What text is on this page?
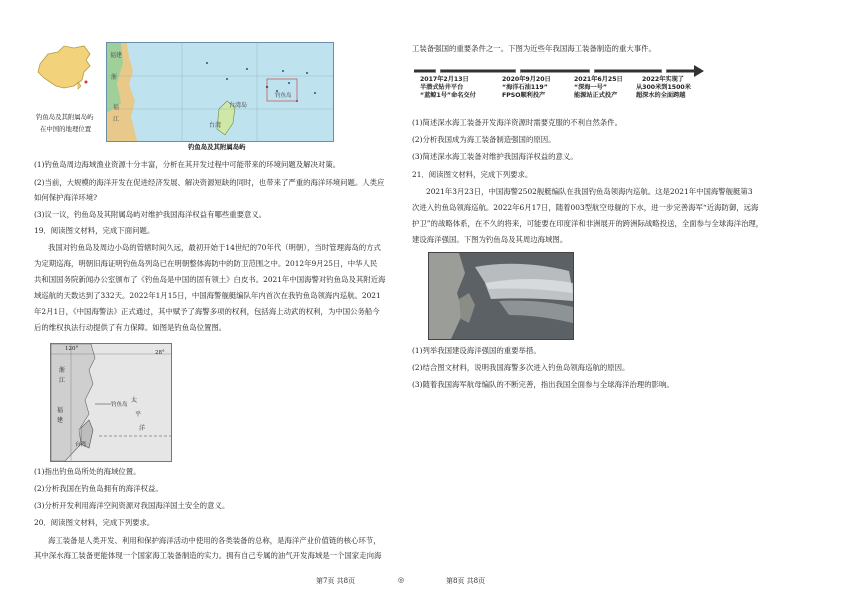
钓鱼岛及其附属岛屿
在中国的地理位置
福建
浙
福
江
台湾岛
台湾
钓鱼岛
钓鱼岛及其附属岛屿
(1)钓鱼岛周边海域渔业资源十分丰富，分析在其开发过程中可能带来的环境问题及解决对策。
(2)当前，大规模的海洋开发在促进经济发展、解决资源短缺的同时，也带来了严重的海洋环境问题。人类应
如何保护海洋环境?
(3)议一议，钓鱼岛及其附属岛屿对维护我国海洋权益有哪些重要意义。
19．阅读图文材料，完成下面问题。
我国对钓鱼岛及周边小岛的管辖时间久远，最初开始于14世纪的70年代（明朝），当时管理海岛的方式
为定期巡海，明朝旧海证明钓鱼岛列岛已在明朝整体海防中的防卫范围之中。2012年9月25日，中华人民
共和国国务院新闻办公室颁布了《钓鱼岛是中国的固有领土》白皮书。2021年中国海警对钓鱼岛及其附近海
域巡航的天数达到了332天。2022年1月15日，中国海警舰艇编队年内首次在我钓鱼岛领海内巡航。2021
年2月1日，《中国海警法》正式通过，其中赋予了海警多项的权利，包括海上动武的权利，为中国公务船今
后的维权执法行动提供了有力保障。如图是钓鱼岛位置图。
120°
28°
浙
江
福
建
钓鱼岛
台湾
太
平
洋
(1)指出钓鱼岛所处的海域位置。
(2)分析我国在钓鱼岛拥有的海洋权益。
(3)分析开发利用海洋空间资源对我国海洋国土安全的意义。
20．阅读图文材料，完成下列要求。
海工装备是人类开发、利用和保护海洋活动中使用的各类装备的总称，是海洋产业价值链的核心环节，
其中深水海工装备更能体现一个国家海工装备制造的实力。拥有自己专属的油气开发海域是一个国家走向海
工装备强国的重要条件之一。下图为近些年我国海工装备制造的重大事件。
2017年2月13日
半潜式钻井平台
“蓝鲸1号”命名交付
2020年9月20日
“海洋石油119”
FPSO顺利投产
2021年6月25日
“深海一号”
能源站正式投产
2022年实现了
从300米到1500米
超深水的全面跨越
(1)简述深水海工装备开发海洋资源时需要克服的不利自然条件。
(2)分析我国成为海工装备制造强国的原因。
(3)简述深水海工装备对维护我国海洋权益的意义。
21．阅读图文材料，完成下列要求。
2021年3月23日，中国海警2502舰艇编队在我国钓鱼岛领海内巡航。这是2021年中国海警舰艇第3
次进入钓鱼岛领海巡航。2022年6月17日，随着003型航空母舰的下水，进一步完善海军“近海防御，远海
护卫”的战略体系，在不久的将来，可能要在印度洋和非洲展开的跨洲际战略投送，全面参与全球海洋治理，
建设海洋强国。下图为钓鱼岛及其周边海域图。
(1)列举我国建设海洋强国的重要举措。
(2)结合图文材料，说明我国海警多次进入钓鱼岛领海巡航的原因。
(3)随着我国海军航母编队的不断完善，指出我国全面参与全球海洋治理的影响。
第7页 共8页	◎	第8页 共8页
